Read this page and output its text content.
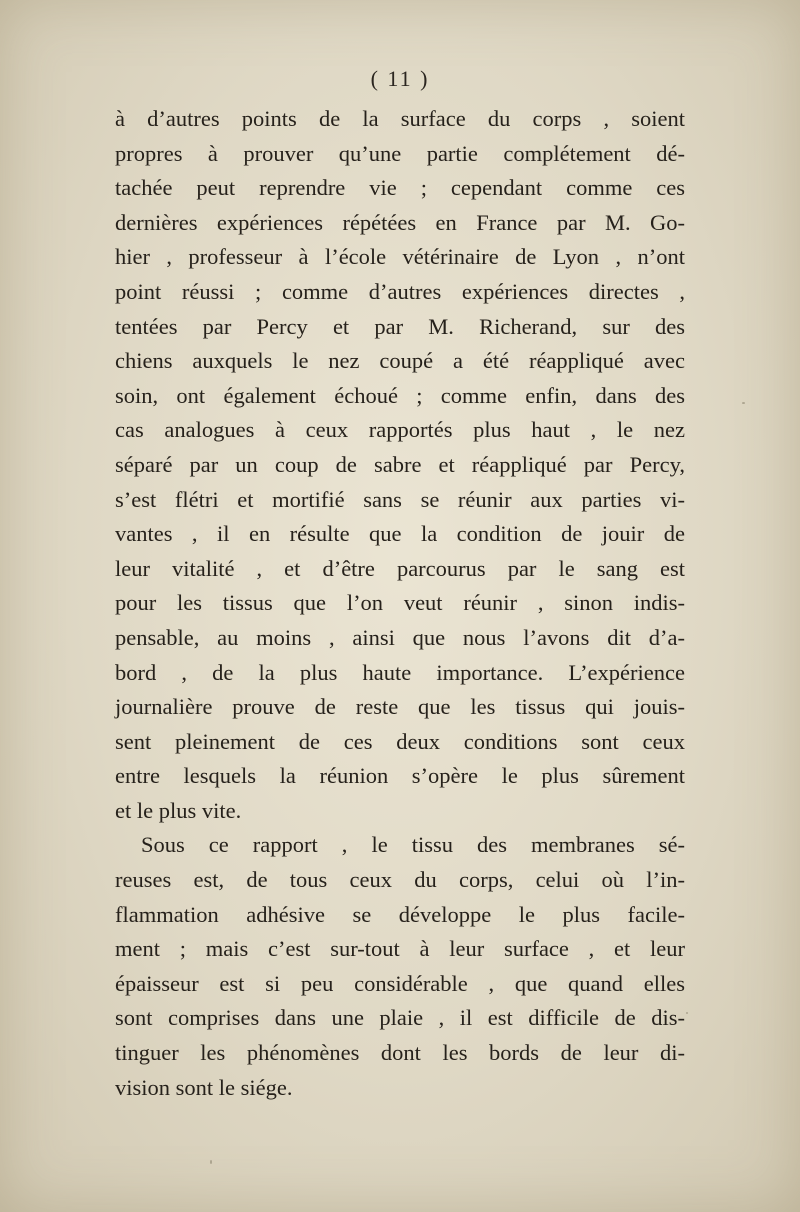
( 11 )
à d’autres points de la surface du corps , soient
propres à prouver qu’une partie complétement dé-
tachée peut reprendre vie ; cependant comme ces
dernières expériences répétées en France par M. Go-
hier , professeur à l’école vétérinaire de Lyon , n’ont
point réussi ; comme d’autres expériences directes ,
tentées par Percy et par M. Richerand, sur des
chiens auxquels le nez coupé a été réappliqué avec
soin, ont également échoué ; comme enfin, dans des
cas analogues à ceux rapportés plus haut , le nez
séparé par un coup de sabre et réappliqué par Percy,
s’est flétri et mortifié sans se réunir aux parties vi-
vantes , il en résulte que la condition de jouir de
leur vitalité , et d’être parcourus par le sang est
pour les tissus que l’on veut réunir , sinon indis-
pensable, au moins , ainsi que nous l’avons dit d’a-
bord , de la plus haute importance. L’expérience
journalière prouve de reste que les tissus qui jouis-
sent pleinement de ces deux conditions sont ceux
entre lesquels la réunion s’opère le plus sûrement
et le plus vite.
Sous ce rapport , le tissu des membranes sé-
reuses est, de tous ceux du corps, celui où l’in-
flammation adhésive se développe le plus facile-
ment ; mais c’est sur-tout à leur surface , et leur
épaisseur est si peu considérable , que quand elles
sont comprises dans une plaie , il est difficile de dis-
tinguer les phénomènes dont les bords de leur di-
vision sont le siége.
